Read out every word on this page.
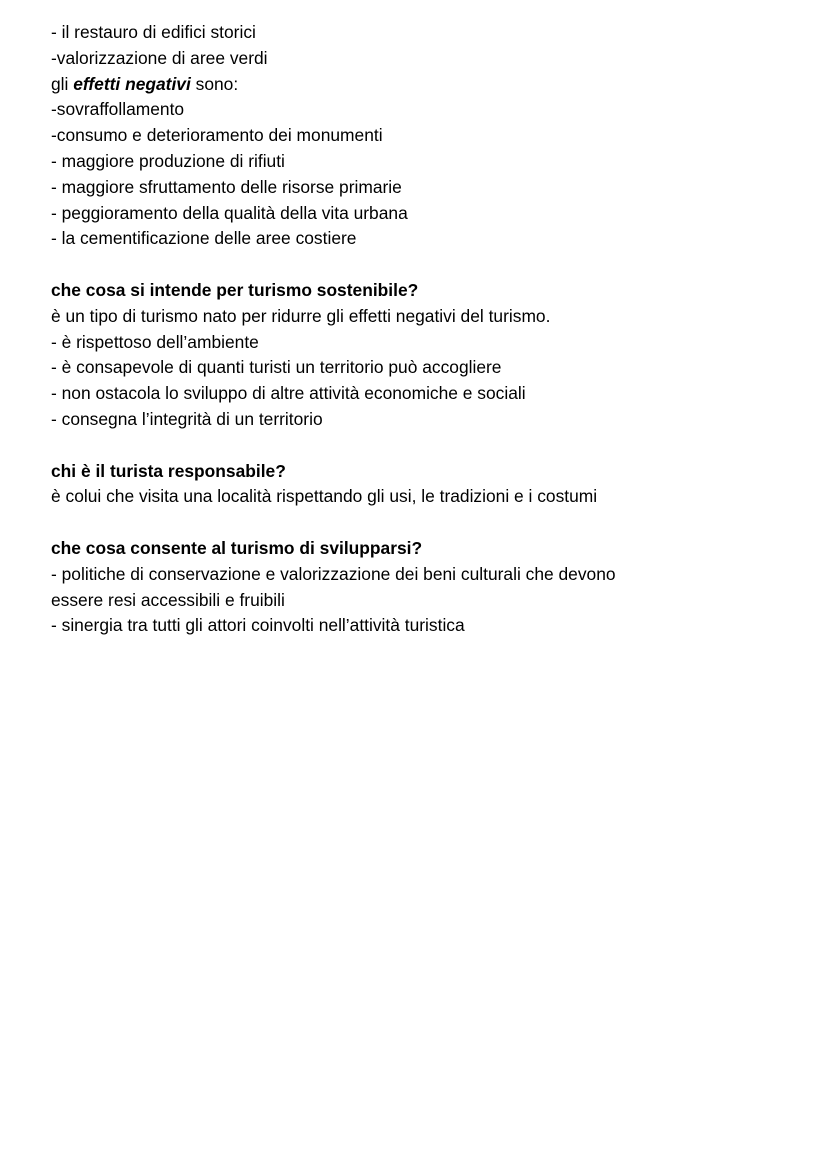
- il restauro di edifici storici

-valorizzazione di aree verdi

gli effetti negativi sono:

-sovraffollamento

-consumo e deterioramento dei monumenti

- maggiore produzione di rifiuti

- maggiore sfruttamento delle risorse primarie

- peggioramento della qualità della vita urbana

- la cementificazione delle aree costiere

che cosa si intende per turismo sostenibile?

è un tipo di turismo nato per ridurre gli effetti negativi del turismo.

- è rispettoso dell’ambiente

- è consapevole di quanti turisti un territorio può accogliere

- non ostacola lo sviluppo di altre attività economiche e sociali

- consegna l’integrità di un territorio

chi è il turista responsabile?

è colui che visita una località rispettando gli usi, le tradizioni e i costumi

che cosa consente al turismo di svilupparsi?

- politiche di conservazione e valorizzazione dei beni culturali che devono

essere resi accessibili e fruibili

- sinergia tra tutti gli attori coinvolti nell’attività turistica
